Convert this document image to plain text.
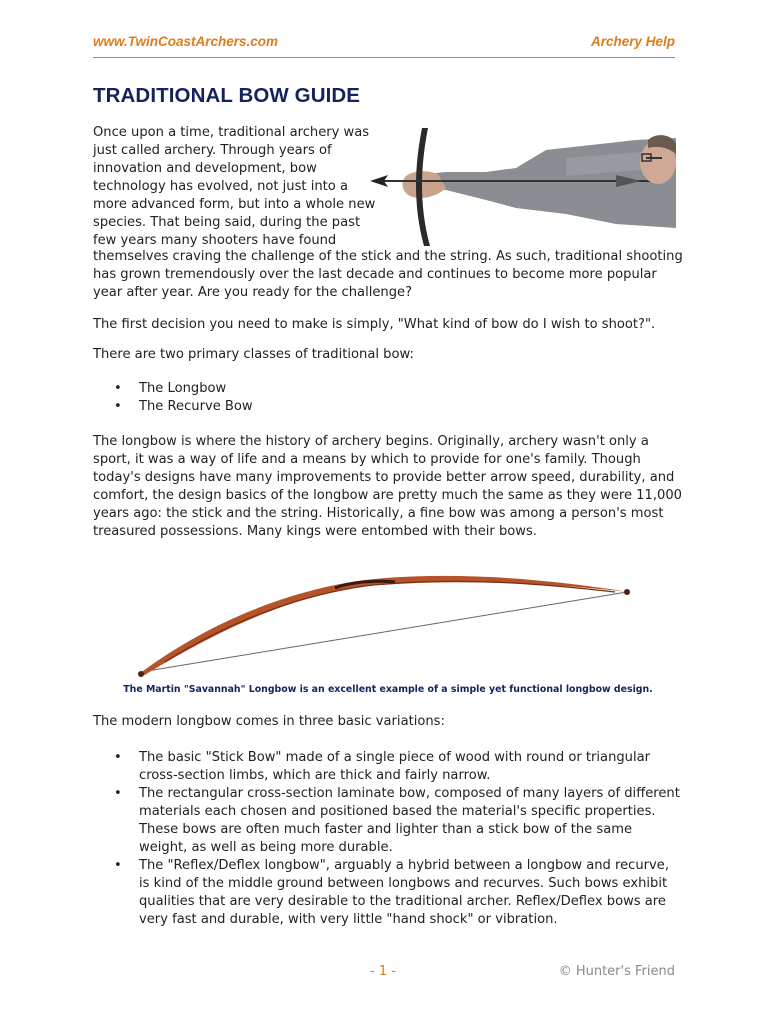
www.TwinCoastArchers.com	Archery Help
TRADITIONAL BOW GUIDE

Once upon a time, traditional archery was just called archery. Through years of innovation and development, bow technology has evolved, not just into a more advanced form, but into a whole new species. That being said, during the past few years many shooters have found

themselves craving the challenge of the stick and the string. As such, traditional shooting has grown tremendously over the last decade and continues to become more popular year after year. Are you ready for the challenge?

The first decision you need to make is simply, "What kind of bow do I wish to shoot?".

There are two primary classes of traditional bow:

• The Longbow
• The Recurve Bow

The longbow is where the history of archery begins. Originally, archery wasn't only a sport, it was a way of life and a means by which to provide for one's family. Though today's designs have many improvements to provide better arrow speed, durability, and comfort, the design basics of the longbow are pretty much the same as they were 11,000 years ago: the stick and the string. Historically, a fine bow was among a person's most treasured possessions. Many kings were entombed with their bows.

The Martin "Savannah" Longbow is an excellent example of a simple yet functional longbow design.

The modern longbow comes in three basic variations:

• The basic "Stick Bow" made of a single piece of wood with round or triangular cross-section limbs, which are thick and fairly narrow.
• The rectangular cross-section laminate bow, composed of many layers of different materials each chosen and positioned based the material's specific properties. These bows are often much faster and lighter than a stick bow of the same weight, as well as being more durable.
• The "Reflex/Deflex longbow", arguably a hybrid between a longbow and recurve, is kind of the middle ground between longbows and recurves. Such bows exhibit qualities that are very desirable to the traditional archer. Reflex/Deflex bows are very fast and durable, with very little "hand shock" or vibration.
- 1 -	© Hunter's Friend
